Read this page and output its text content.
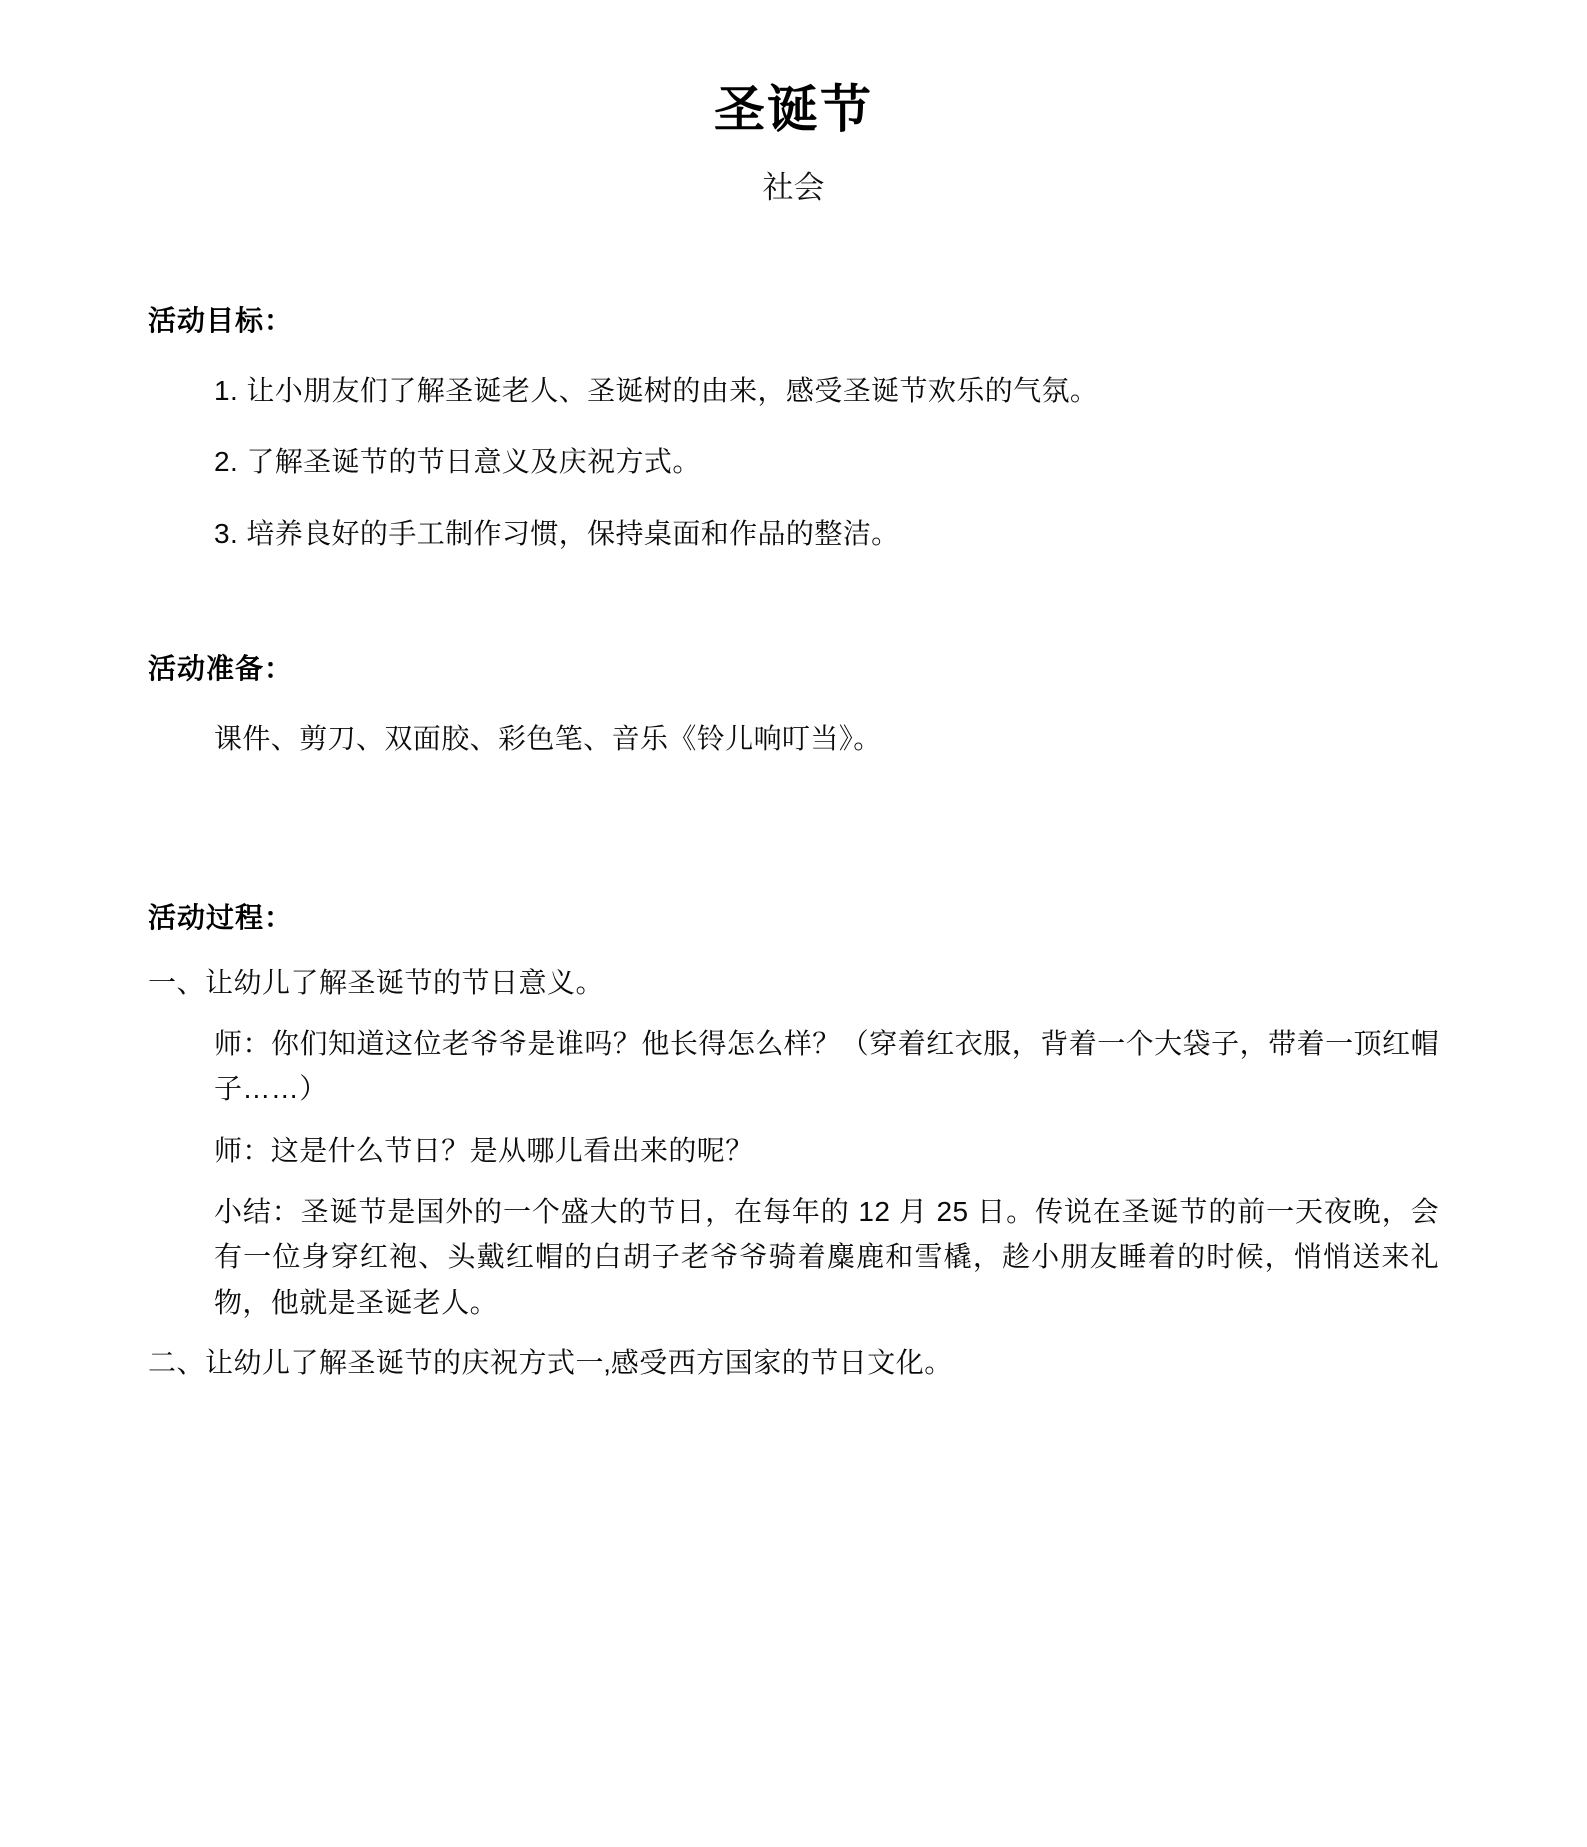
圣诞节
社会
活动目标：
1. 让小朋友们了解圣诞老人、圣诞树的由来，感受圣诞节欢乐的气氛。
2. 了解圣诞节的节日意义及庆祝方式。
3. 培养良好的手工制作习惯，保持桌面和作品的整洁。
活动准备：
课件、剪刀、双面胶、彩色笔、音乐《铃儿响叮当》。
活动过程：
一、让幼儿了解圣诞节的节日意义。
师：你们知道这位老爷爷是谁吗？他长得怎么样？（穿着红衣服，背着一个大袋子，带着一顶红帽子……）
师：这是什么节日？是从哪儿看出来的呢？
小结：圣诞节是国外的一个盛大的节日，在每年的 12 月 25 日。传说在圣诞节的前一天夜晚，会有一位身穿红袍、头戴红帽的白胡子老爷爷骑着麋鹿和雪橇，趁小朋友睡着的时候，悄悄送来礼物，他就是圣诞老人。
二、让幼儿了解圣诞节的庆祝方式一‚感受西方国家的节日文化。
